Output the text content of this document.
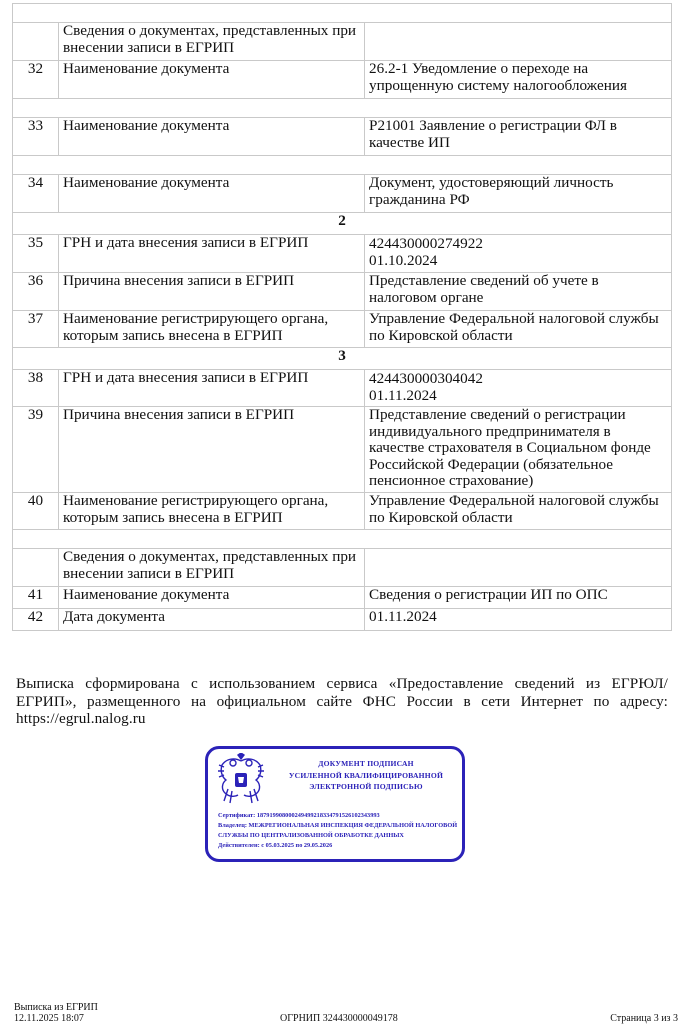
	Сведения о документах, представленных при внесении записи в ЕГРИП	
32	Наименование документа	26.2-1 Уведомление о переходе на упрощенную систему налогообложения

33	Наименование документа	Р21001 Заявление о регистрации ФЛ в качестве ИП

34	Наименование документа	Документ, удостоверяющий личность гражданина РФ
2		
35	ГРН и дата внесения записи в ЕГРИП	424430000274922
01.10.2024

36	Причина внесения записи в ЕГРИП	Представление сведений об учете в налоговом органе
37	Наименование регистрирующего органа, которым запись внесена в ЕГРИП	Управление Федеральной налоговой службы по Кировской области
3		
38	ГРН и дата внесения записи в ЕГРИП	424430000304042
01.11.2024

39	Причина внесения записи в ЕГРИП	Представление сведений о регистрации индивидуального предпринимателя в качестве страхователя в Социальном фонде Российской Федерации (обязательное пенсионное страхование)
40	Наименование регистрирующего органа, которым запись внесена в ЕГРИП	Управление Федеральной налоговой службы по Кировской области

	Сведения о документах, представленных при внесении записи в ЕГРИП	
41	Наименование документа	Сведения о регистрации ИП по ОПС
42	Дата документа	01.11.2024
Выписка сформирована с использованием сервиса «Предоставление сведений из ЕГРЮЛ/ЕГРИП», размещенного на официальном сайте ФНС России в сети Интернет по адресу: https://egrul.nalog.ru
ДОКУМЕНТ ПОДПИСАН
УСИЛЕННОЙ КВАЛИФИЦИРОВАННОЙ
ЭЛЕКТРОННОЙ ПОДПИСЬЮ
Сертификат: 187919908000249499218334791526102343993
Владелец: МЕЖРЕГИОНАЛЬНАЯ ИНСПЕКЦИЯ ФЕДЕРАЛЬНОЙ НАЛОГОВОЙ СЛУЖБЫ ПО ЦЕНТРАЛИЗОВАННОЙ ОБРАБОТКЕ ДАННЫХ
Действителен: с 05.03.2025 по 29.05.2026
Выписка из ЕГРИП
12.11.2025 18:07	ОГРНИП 324430000049178	Страница 3 из 3
